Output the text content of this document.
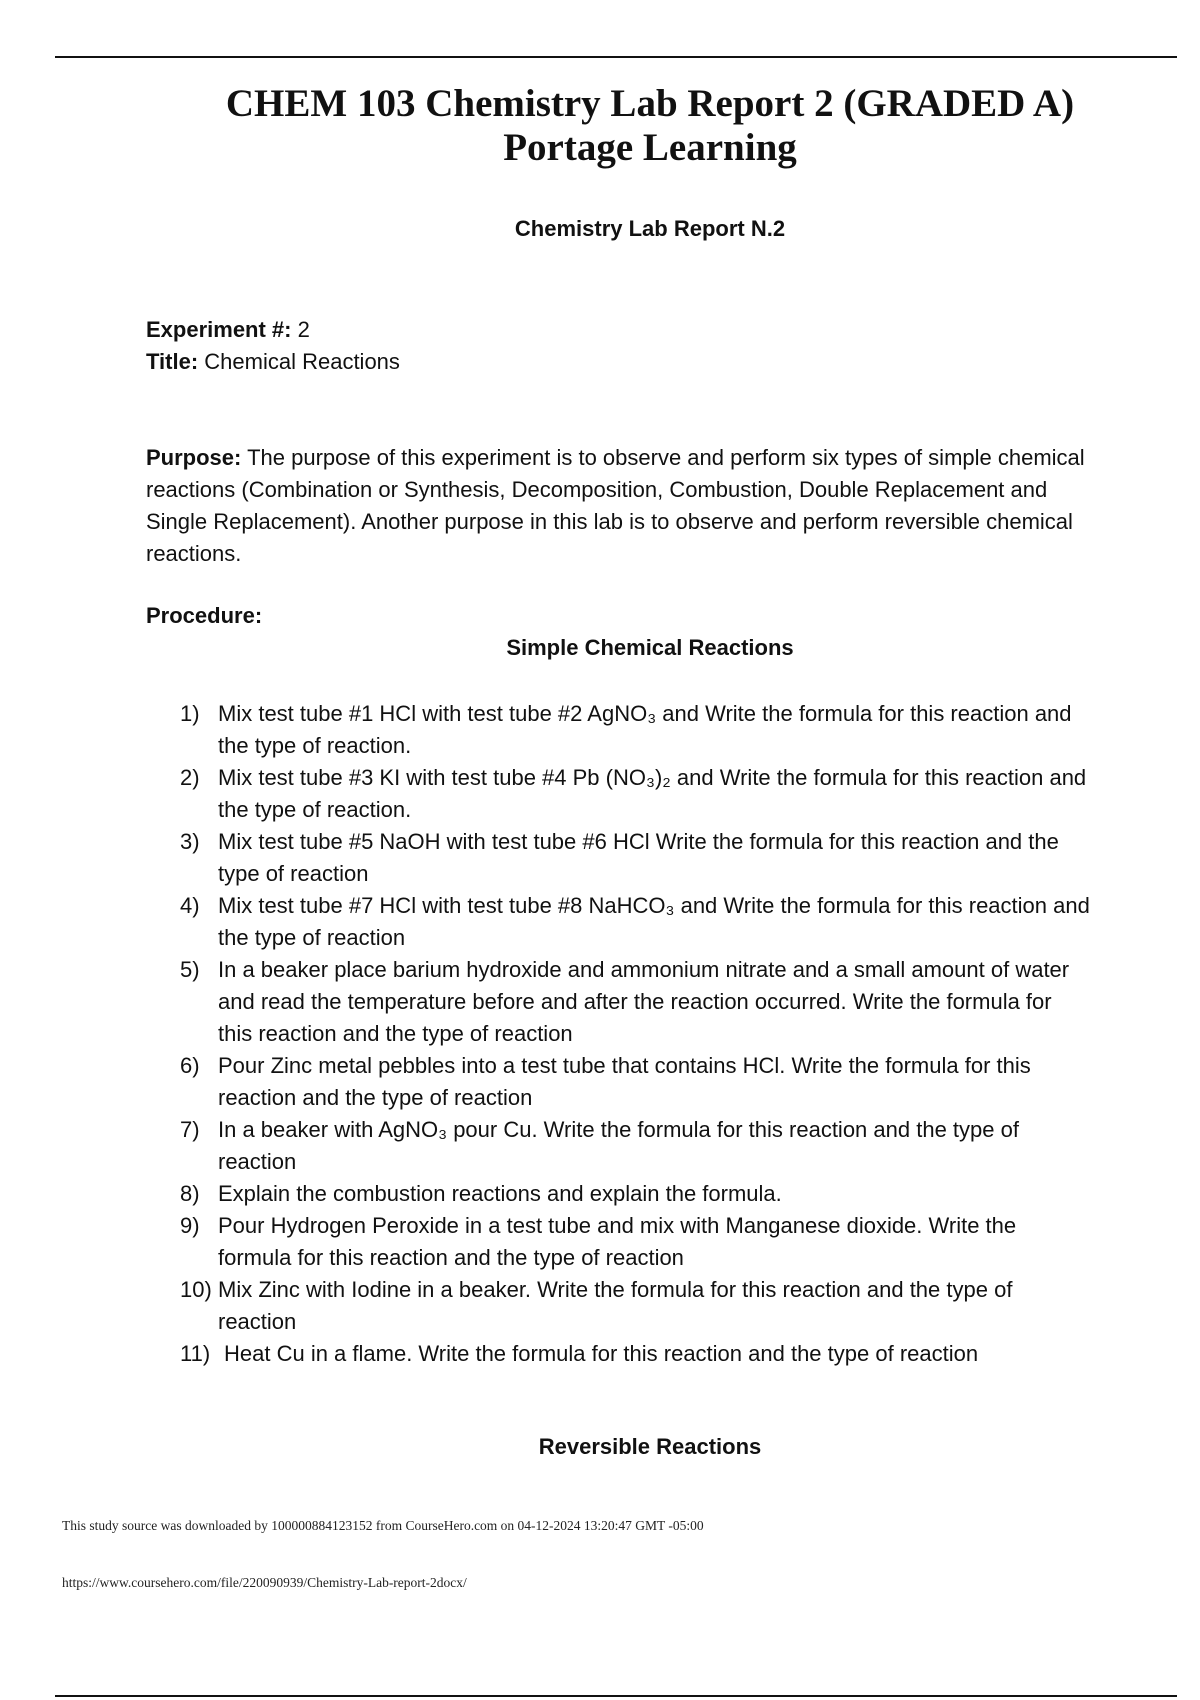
CHEM 103 Chemistry Lab Report 2 (GRADED A)
Portage Learning
Chemistry Lab Report N.2
Experiment #: 2
Title: Chemical Reactions
Purpose: The purpose of this experiment is to observe and perform six types of simple chemical reactions (Combination or Synthesis, Decomposition, Combustion, Double Replacement and Single Replacement). Another purpose in this lab is to observe and perform reversible chemical reactions.
Procedure:
Simple Chemical Reactions
1) Mix test tube #1 HCl with test tube #2 AgNO₃ and Write the formula for this reaction and the type of reaction.
2) Mix test tube #3 KI with test tube #4 Pb (NO₃)₂ and Write the formula for this reaction and the type of reaction.
3) Mix test tube #5 NaOH with test tube #6 HCl Write the formula for this reaction and the type of reaction
4) Mix test tube #7 HCl with test tube #8 NaHCO₃ and Write the formula for this reaction and the type of reaction
5) In a beaker place barium hydroxide and ammonium nitrate and a small amount of water and read the temperature before and after the reaction occurred. Write the formula for this reaction and the type of reaction
6) Pour Zinc metal pebbles into a test tube that contains HCl. Write the formula for this reaction and the type of reaction
7) In a beaker with AgNO₃ pour Cu. Write the formula for this reaction and the type of reaction
8) Explain the combustion reactions and explain the formula.
9) Pour Hydrogen Peroxide in a test tube and mix with Manganese dioxide. Write the formula for this reaction and the type of reaction
10) Mix Zinc with Iodine in a beaker. Write the formula for this reaction and the type of reaction
11) Heat Cu in a flame. Write the formula for this reaction and the type of reaction
Reversible Reactions
This study source was downloaded by 100000884123152 from CourseHero.com on 04-12-2024 13:20:47 GMT -05:00
https://www.coursehero.com/file/220090939/Chemistry-Lab-report-2docx/
